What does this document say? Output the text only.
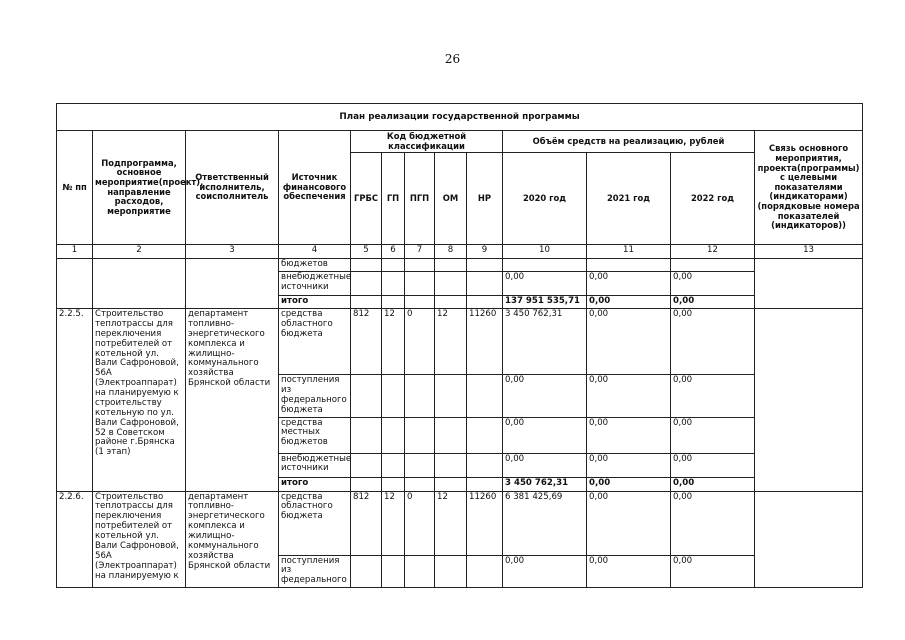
26
План реализации государственной программы												
№ пп	Подпрограмма, основное мероприятие(проект), направление расходов, мероприятие	Ответственный исполнитель, соисполнитель	Источник финансового обеспечения	Код бюджетной классификации					Объём средств на реализацию, рублей			Связь основного мероприятия, проекта(программы) с целевыми показателями (индикаторами) (порядковые номера показателей (индикаторов))
				ГРБС	ГП	ПГП	ОМ	НР	2020 год	2021 год	2022 год	
1	2	3	4	5	6	7	8	9	10	11	12	13
			бюджетов									
			внебюджетные источники						0,00	0,00	0,00	
			итого						137 951 535,71	0,00	0,00	
2.2.5.	Строительство теплотрассы для переключения потребителей от котельной ул. Вали Сафроновой, 56А (Электроаппарат) на планируемую к строительству котельную по ул. Вали Сафроновой, 52 в Советском районе г.Брянска (1 этап)	департамент топливно-энергетического комплекса и жилищно-коммунального хозяйства Брянской области	средства областного бюджета	812	12	0	12	11260	3 450 762,31	0,00	0,00	
			поступления из федерального бюджета						0,00	0,00	0,00	
			средства местных бюджетов						0,00	0,00	0,00	
			внебюджетные источники						0,00	0,00	0,00	
			итого						3 450 762,31	0,00	0,00	
2.2.6.	Строительство теплотрассы для переключения потребителей от котельной ул. Вали Сафроновой, 56А (Электроаппарат) на планируемую к	департамент топливно-энергетического комплекса и жилищно-коммунального хозяйства Брянской области	средства областного бюджета	812	12	0	12	11260	6 381 425,69	0,00	0,00	
			поступления из федерального						0,00	0,00	0,00	
